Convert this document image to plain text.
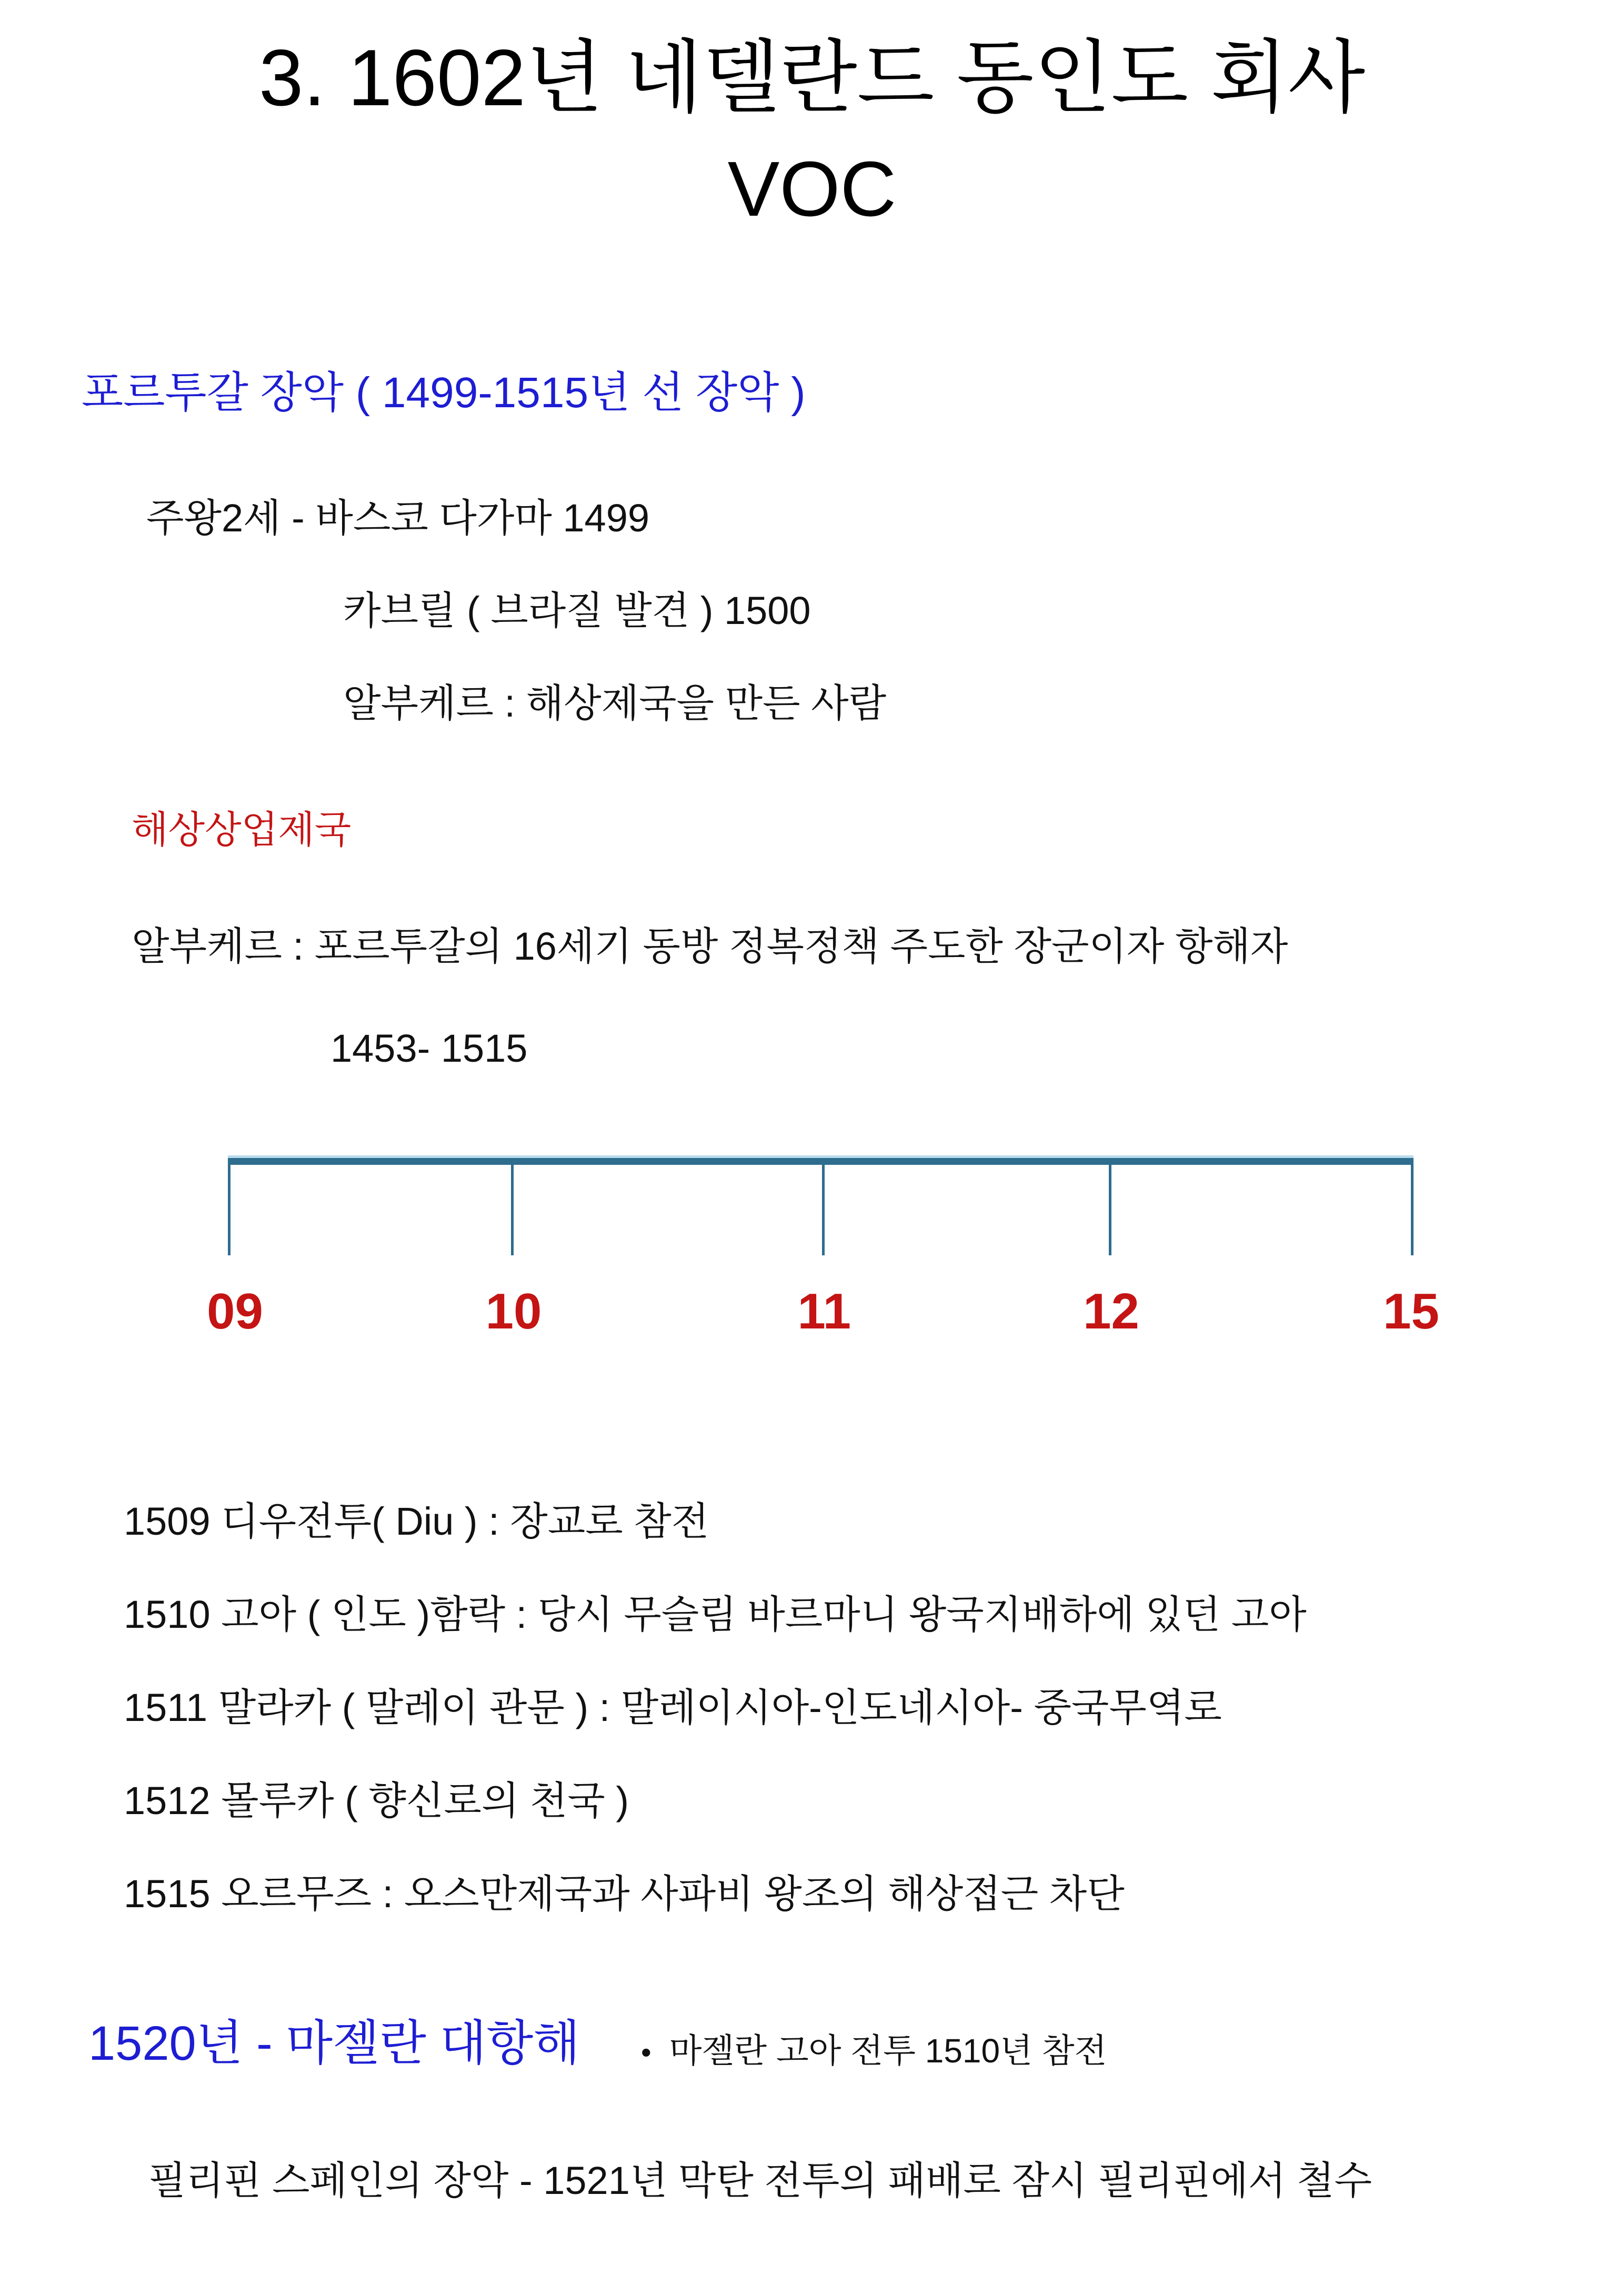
3. 1602년 네델란드 동인도 회사
VOC
포르투갈 장악 ( 1499-1515년 선 장악 )
주왕2세 - 바스코 다가마 1499
카브릴 ( 브라질 발견 ) 1500
알부케르 : 해상제국을 만든 사람
해상상업제국
알부케르 : 포르투갈의 16세기 동방 정복정책 주도한 장군이자 항해자
1453- 1515
09	10	11	12	15
1509 디우전투( Diu ) : 장교로 참전
1510 고아 ( 인도 )함락 : 당시 무슬림 바르마니 왕국지배하에 있던 고아
1511 말라카 ( 말레이 관문 ) : 말레이시아-인도네시아- 중국무역로
1512 몰루카 ( 향신로의 천국 )
1515 오르무즈 : 오스만제국과 사파비 왕조의 해상접근 차단
1520년 - 마젤란 대항해 • 마젤란 고아 전투 1510년 참전
필리핀 스페인의 장악 - 1521년 막탄 전투의 패배로 잠시 필리핀에서 철수
